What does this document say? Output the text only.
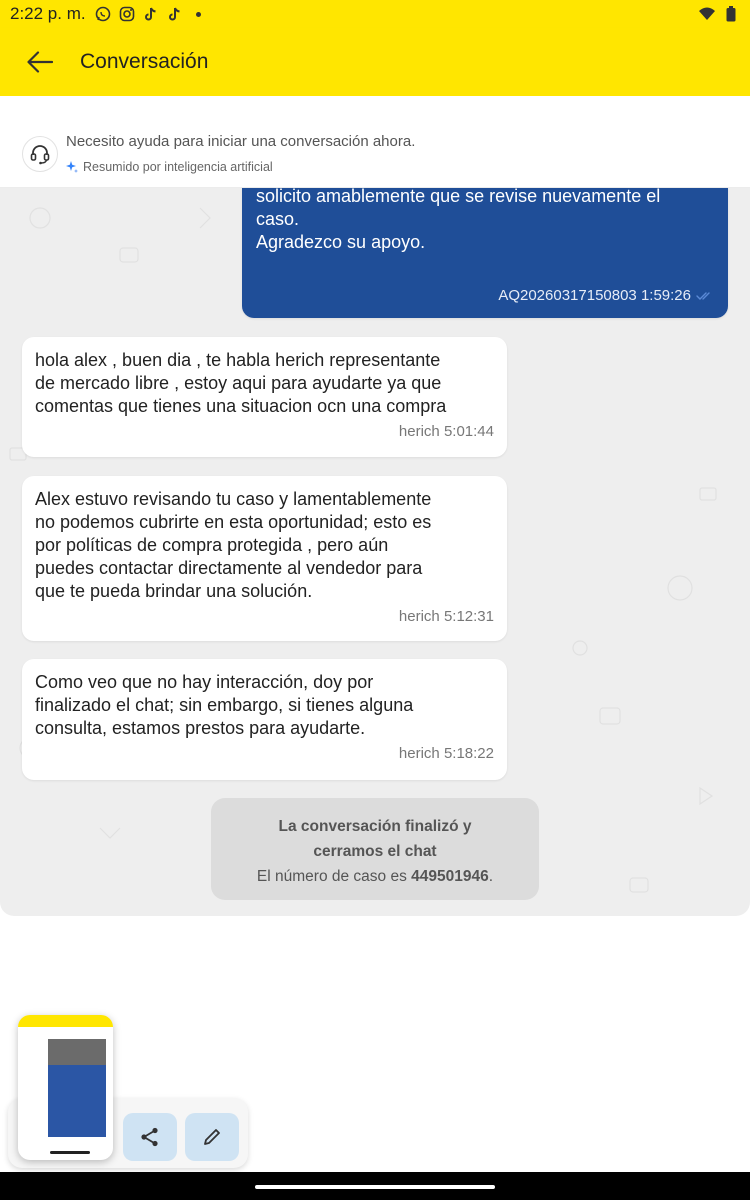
2:22 p. m.
Conversación
Necesito ayuda para iniciar una conversación ahora.
Resumido por inteligencia artificial
solicito amablemente que se revise nuevamente el
caso.
Agradezco su apoyo.
AQ20260317150803 1:59:26
hola alex , buen dia , te habla herich representante
de mercado libre , estoy aqui para ayudarte ya que
comentas que tienes una situacion ocn una compra
herich 5:01:44
Alex estuvo revisando tu caso y lamentablemente
no podemos cubrirte en esta oportunidad; esto es
por políticas de compra protegida , pero aún
puedes contactar directamente al vendedor para
que te pueda brindar una solución.
herich 5:12:31
Como veo que no hay interacción, doy por
finalizado el chat; sin embargo, si tienes alguna
consulta, estamos prestos para ayudarte.
herich 5:18:22
La conversación finalizó y
cerramos el chat
El número de caso es 449501946.
